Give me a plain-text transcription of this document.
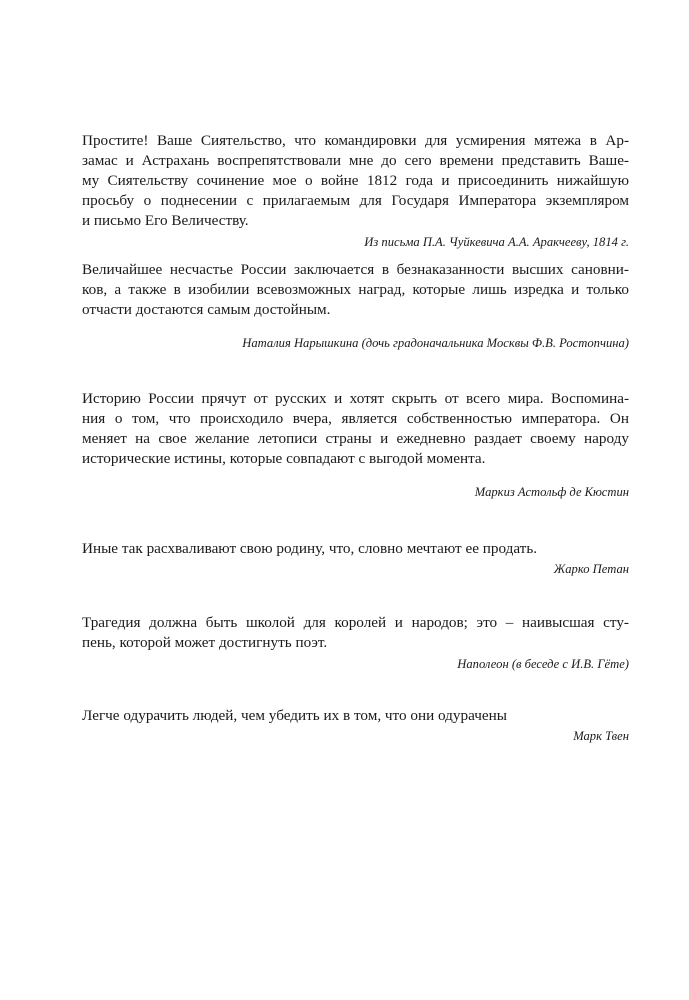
Простите! Ваше Сиятельство, что командировки для усмирения мятежа в Ар-
замас и Астрахань воспрепятствовали мне до сего времени представить Ваше-
му Сиятельству сочинение мое о войне 1812 года и присоединить нижайшую
просьбу о поднесении с прилагаемым для Государя Императора экземпляром
и письмо Его Величеству.
Из письма П.А. Чуйкевича А.А. Аракчееву, 1814 г.
Величайшее несчастье России заключается в безнаказанности высших сановни-
ков, а также в изобилии всевозможных наград, которые лишь изредка и только
отчасти достаются самым достойным.
Наталия Нарышкина (дочь градоначальника Москвы Ф.В. Ростопчина)
Историю России прячут от русских и хотят скрыть от всего мира. Воспомина-
ния о том, что происходило вчера, является собственностью императора. Он
меняет на свое желание летописи страны и ежедневно раздает своему народу
исторические истины, которые совпадают с выгодой момента.
Маркиз Астольф де Кюстин
Иные так расхваливают свою родину, что, словно мечтают ее продать.
Жарко Петан
Трагедия должна быть школой для королей и народов; это – наивысшая сту-
пень, которой может достигнуть поэт.
Наполеон (в беседе с И.В. Гёте)
Легче одурачить людей, чем убедить их в том, что они одурачены
Марк Твен
